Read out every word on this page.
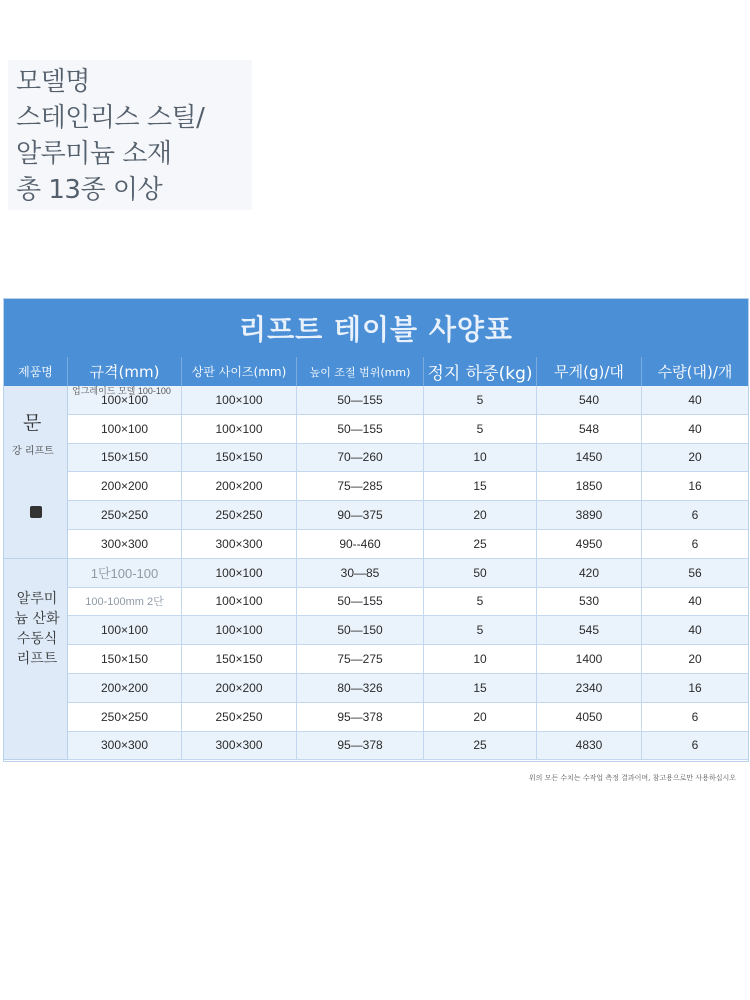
모델명
스테인리스 스틸/
알루미늄 소재
총 13종 이상
리프트 테이블 사양표
제품명	규격(mm)	상판 사이즈(mm)	높이 조절 범위(mm)	정지 하중(kg)	무게(g)/대	수량(대)/개
문
강 리프트
업그레이드 모델 100-100
100×100	100×100	50—155	5	540	40
100×100	100×100	50—155	5	548	40
150×150	150×150	70—260	10	1450	20
200×200	200×200	75—285	15	1850	16
250×250	250×250	90—375	20	3890	6
300×300	300×300	90--460	25	4950	6
알루미
늄 산화
수동식
리프트
1단100-100	100×100	30—85	50	420	56
100-100mm 2단	100×100	50—155	5	530	40
100×100	100×100	50—150	5	545	40
150×150	150×150	75—275	10	1400	20
200×200	200×200	80—326	15	2340	16
250×250	250×250	95—378	20	4050	6
300×300	300×300	95—378	25	4830	6
위의 모든 수치는 수작업 측정 결과이며, 참고용으로만 사용하십시오
